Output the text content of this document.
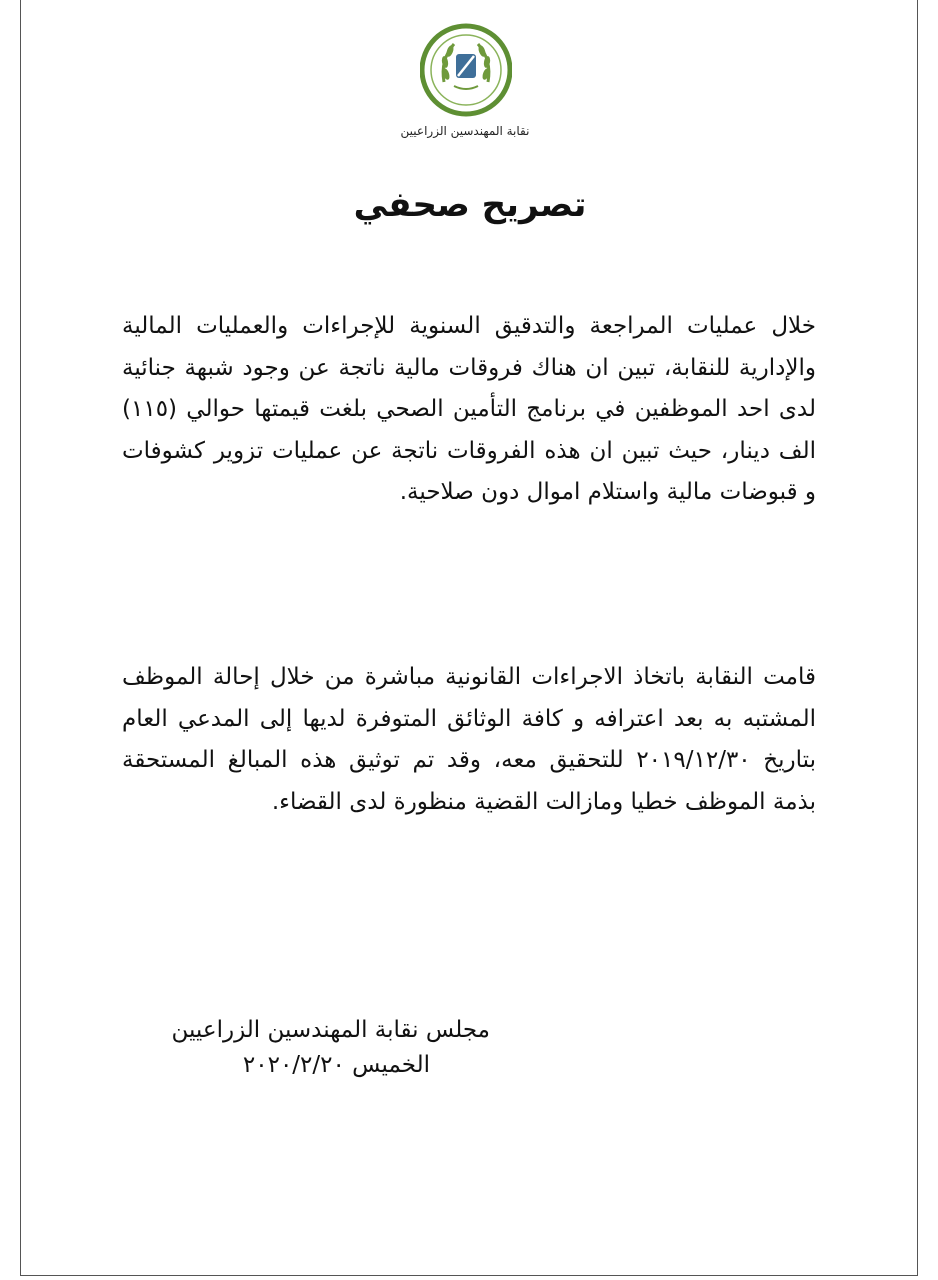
نقابة المهندسين الزراعيين
تصريح صحفي
خلال عمليات المراجعة والتدقيق السنوية للإجراءات والعمليات المالية والإدارية للنقابة، تبين ان هناك فروقات مالية ناتجة عن وجود شبهة جنائية لدى احد الموظفين في برنامج التأمين الصحي بلغت قيمتها حوالي (١١٥) الف دينار، حيث تبين ان هذه الفروقات ناتجة عن عمليات تزوير كشوفات و قبوضات مالية واستلام اموال دون صلاحية.
قامت النقابة باتخاذ الاجراءات القانونية مباشرة من خلال إحالة الموظف المشتبه به بعد اعترافه و كافة الوثائق المتوفرة لديها إلى المدعي العام بتاريخ ٢٠١٩/١٢/٣٠ للتحقيق معه، وقد تم توثيق هذه المبالغ المستحقة بذمة الموظف خطيا ومازالت القضية منظورة لدى القضاء.
مجلس نقابة المهندسين الزراعيين
الخميس ٢٠٢٠/٢/٢٠
